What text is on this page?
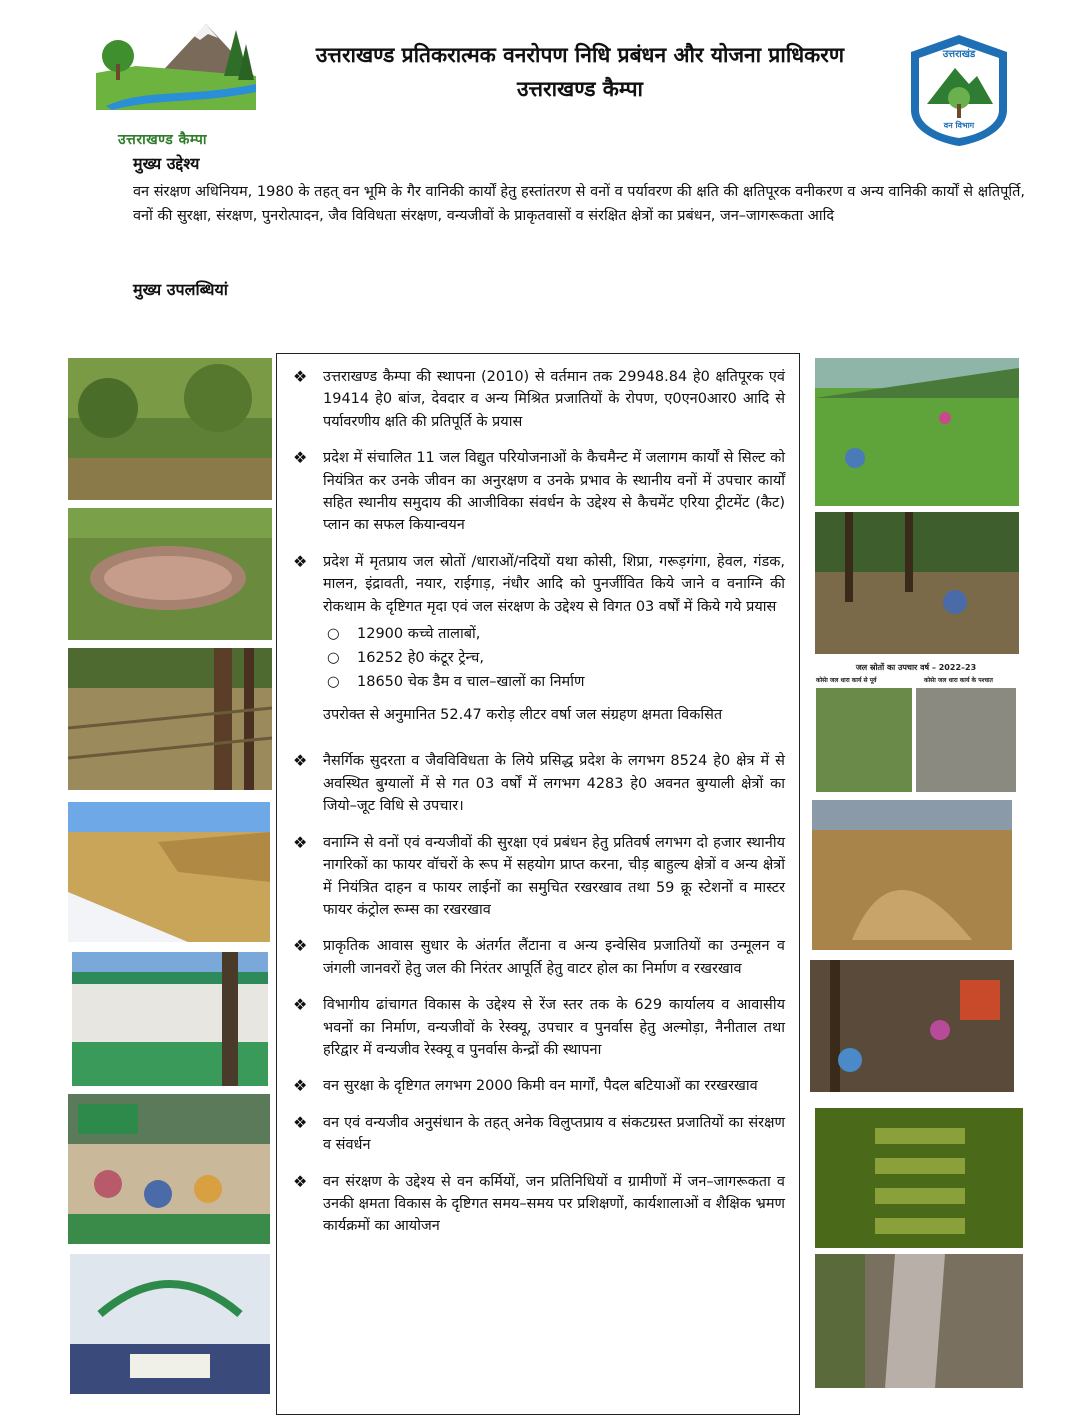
उत्तराखण्ड कैम्पा
उत्तराखण्ड प्रतिकरात्मक वनरोपण निधि प्रबंधन और योजना प्राधिकरण
उत्तराखण्ड कैम्पा
उत्तराखंड
वन विभाग
मुख्य उद्देश्य
वन संरक्षण अधिनियम, 1980 के तहत् वन भूमि के गैर वानिकी कार्यों हेतु हस्तांतरण से वनों व पर्यावरण की क्षति की क्षतिपूरक वनीकरण व अन्य वानिकी कार्यों से क्षतिपूर्ति, वनों की सुरक्षा, संरक्षण, पुनरोत्पादन, जैव विविधता संरक्षण, वन्यजीवों के प्राकृतवासों व संरक्षित क्षेत्रों का प्रबंधन, जन–जागरूकता आदि
मुख्य उपलब्धियां
❖	उत्तराखण्ड कैम्पा की स्थापना (2010) से वर्तमान तक 29948.84 हे0 क्षतिपूरक एवं 19414 हे0 बांज, देवदार व अन्य मिश्रित प्रजातियों के रोपण, ए0एन0आर0 आदि से पर्यावरणीय क्षति की प्रतिपूर्ति के प्रयास
❖	प्रदेश में संचालित 11 जल विद्युत परियोजनाओं के कैचमैन्ट में जलागम कार्यों से सिल्ट को नियंत्रित कर उनके जीवन का अनुरक्षण व उनके प्रभाव के स्थानीय वनों में उपचार कार्यों सहित स्थानीय समुदाय की आजीविका संवर्धन के उद्देश्य से कैचमेंट एरिया ट्रीटमेंट (कैट) प्लान का सफल कियान्वयन
❖	प्रदेश में मृतप्राय जल स्रोतों /धाराओं/नदियों यथा कोसी, शिप्रा, गरूड़गंगा, हेवल, गंडक, मालन, इंद्रावती, नयार, राईगाड़, नंधौर आदि को पुनर्जीवित किये जाने व वनाग्नि की रोकथाम के दृष्टिगत मृदा एवं जल संरक्षण के उद्देश्य से विगत 03 वर्षों में किये गये प्रयास
○	12900 कच्चे तालाबों,
○	16252 हे0 कंटूर ट्रेन्च,
○	18650 चेक डैम व चाल–खालों का निर्माण
उपरोक्त से अनुमानित 52.47 करोड़ लीटर वर्षा जल संग्रहण क्षमता विकसित
❖	नैसर्गिक सुदरता व जैवविविधता के लिये प्रसिद्ध प्रदेश के लगभग 8524 हे0 क्षेत्र में से अवस्थित बुग्यालों में से गत 03 वर्षों में लगभग 4283 हे0 अवनत बुग्याली क्षेत्रों का जियो–जूट विधि से उपचार।
❖	वनाग्नि से वनों एवं वन्यजीवों की सुरक्षा एवं प्रबंधन हेतु प्रतिवर्ष लगभग दो हजार स्थानीय नागरिकों का फायर वॉचरों के रूप में सहयोग प्राप्त करना, चीड़ बाहुल्य क्षेत्रों व अन्य क्षेत्रों में नियंत्रित दाहन व फायर लाईनों का समुचित रखरखाव तथा 59 क्रू स्टेशनों व मास्टर फायर कंट्रोल रूम्स का रखरखाव
❖	प्राकृतिक आवास सुधार के अंतर्गत लैंटाना व अन्य इन्वेसिव प्रजातियों का उन्मूलन व जंगली जानवरों हेतु जल की निरंतर आपूर्ति हेतु वाटर होल का निर्माण व रखरखाव
❖	विभागीय ढांचागत विकास के उद्देश्य से रेंज स्तर तक के 629 कार्यालय व आवासीय भवनों का निर्माण, वन्यजीवों के रेस्क्यू, उपचार व पुनर्वास हेतु अल्मोड़ा, नैनीताल तथा हरिद्वार में वन्यजीव रेस्क्यू व पुनर्वास केन्द्रों की स्थापना
❖	वन सुरक्षा के दृष्टिगत लगभग 2000 किमी वन मार्गों, पैदल बटियाओं का ररखरखाव
❖	वन एवं वन्यजीव अनुसंधान के तहत् अनेक विलुप्तप्राय व संकटग्रस्त प्रजातियों का संरक्षण व संवर्धन
❖	वन संरक्षण के उद्देश्य से वन कर्मियों, जन प्रतिनिधियों व ग्रामीणों में जन–जागरूकता व उनकी क्षमता विकास के दृष्टिगत समय–समय पर प्रशिक्षणों, कार्यशालाओं व शैक्षिक भ्रमण कार्यक्रमों का आयोजन
जल स्रोतों का उपचार वर्ष – 2022–23
कोसेा जल धारा कार्य से पूर्व	कोसेा जल धारा कार्य के पश्चात
